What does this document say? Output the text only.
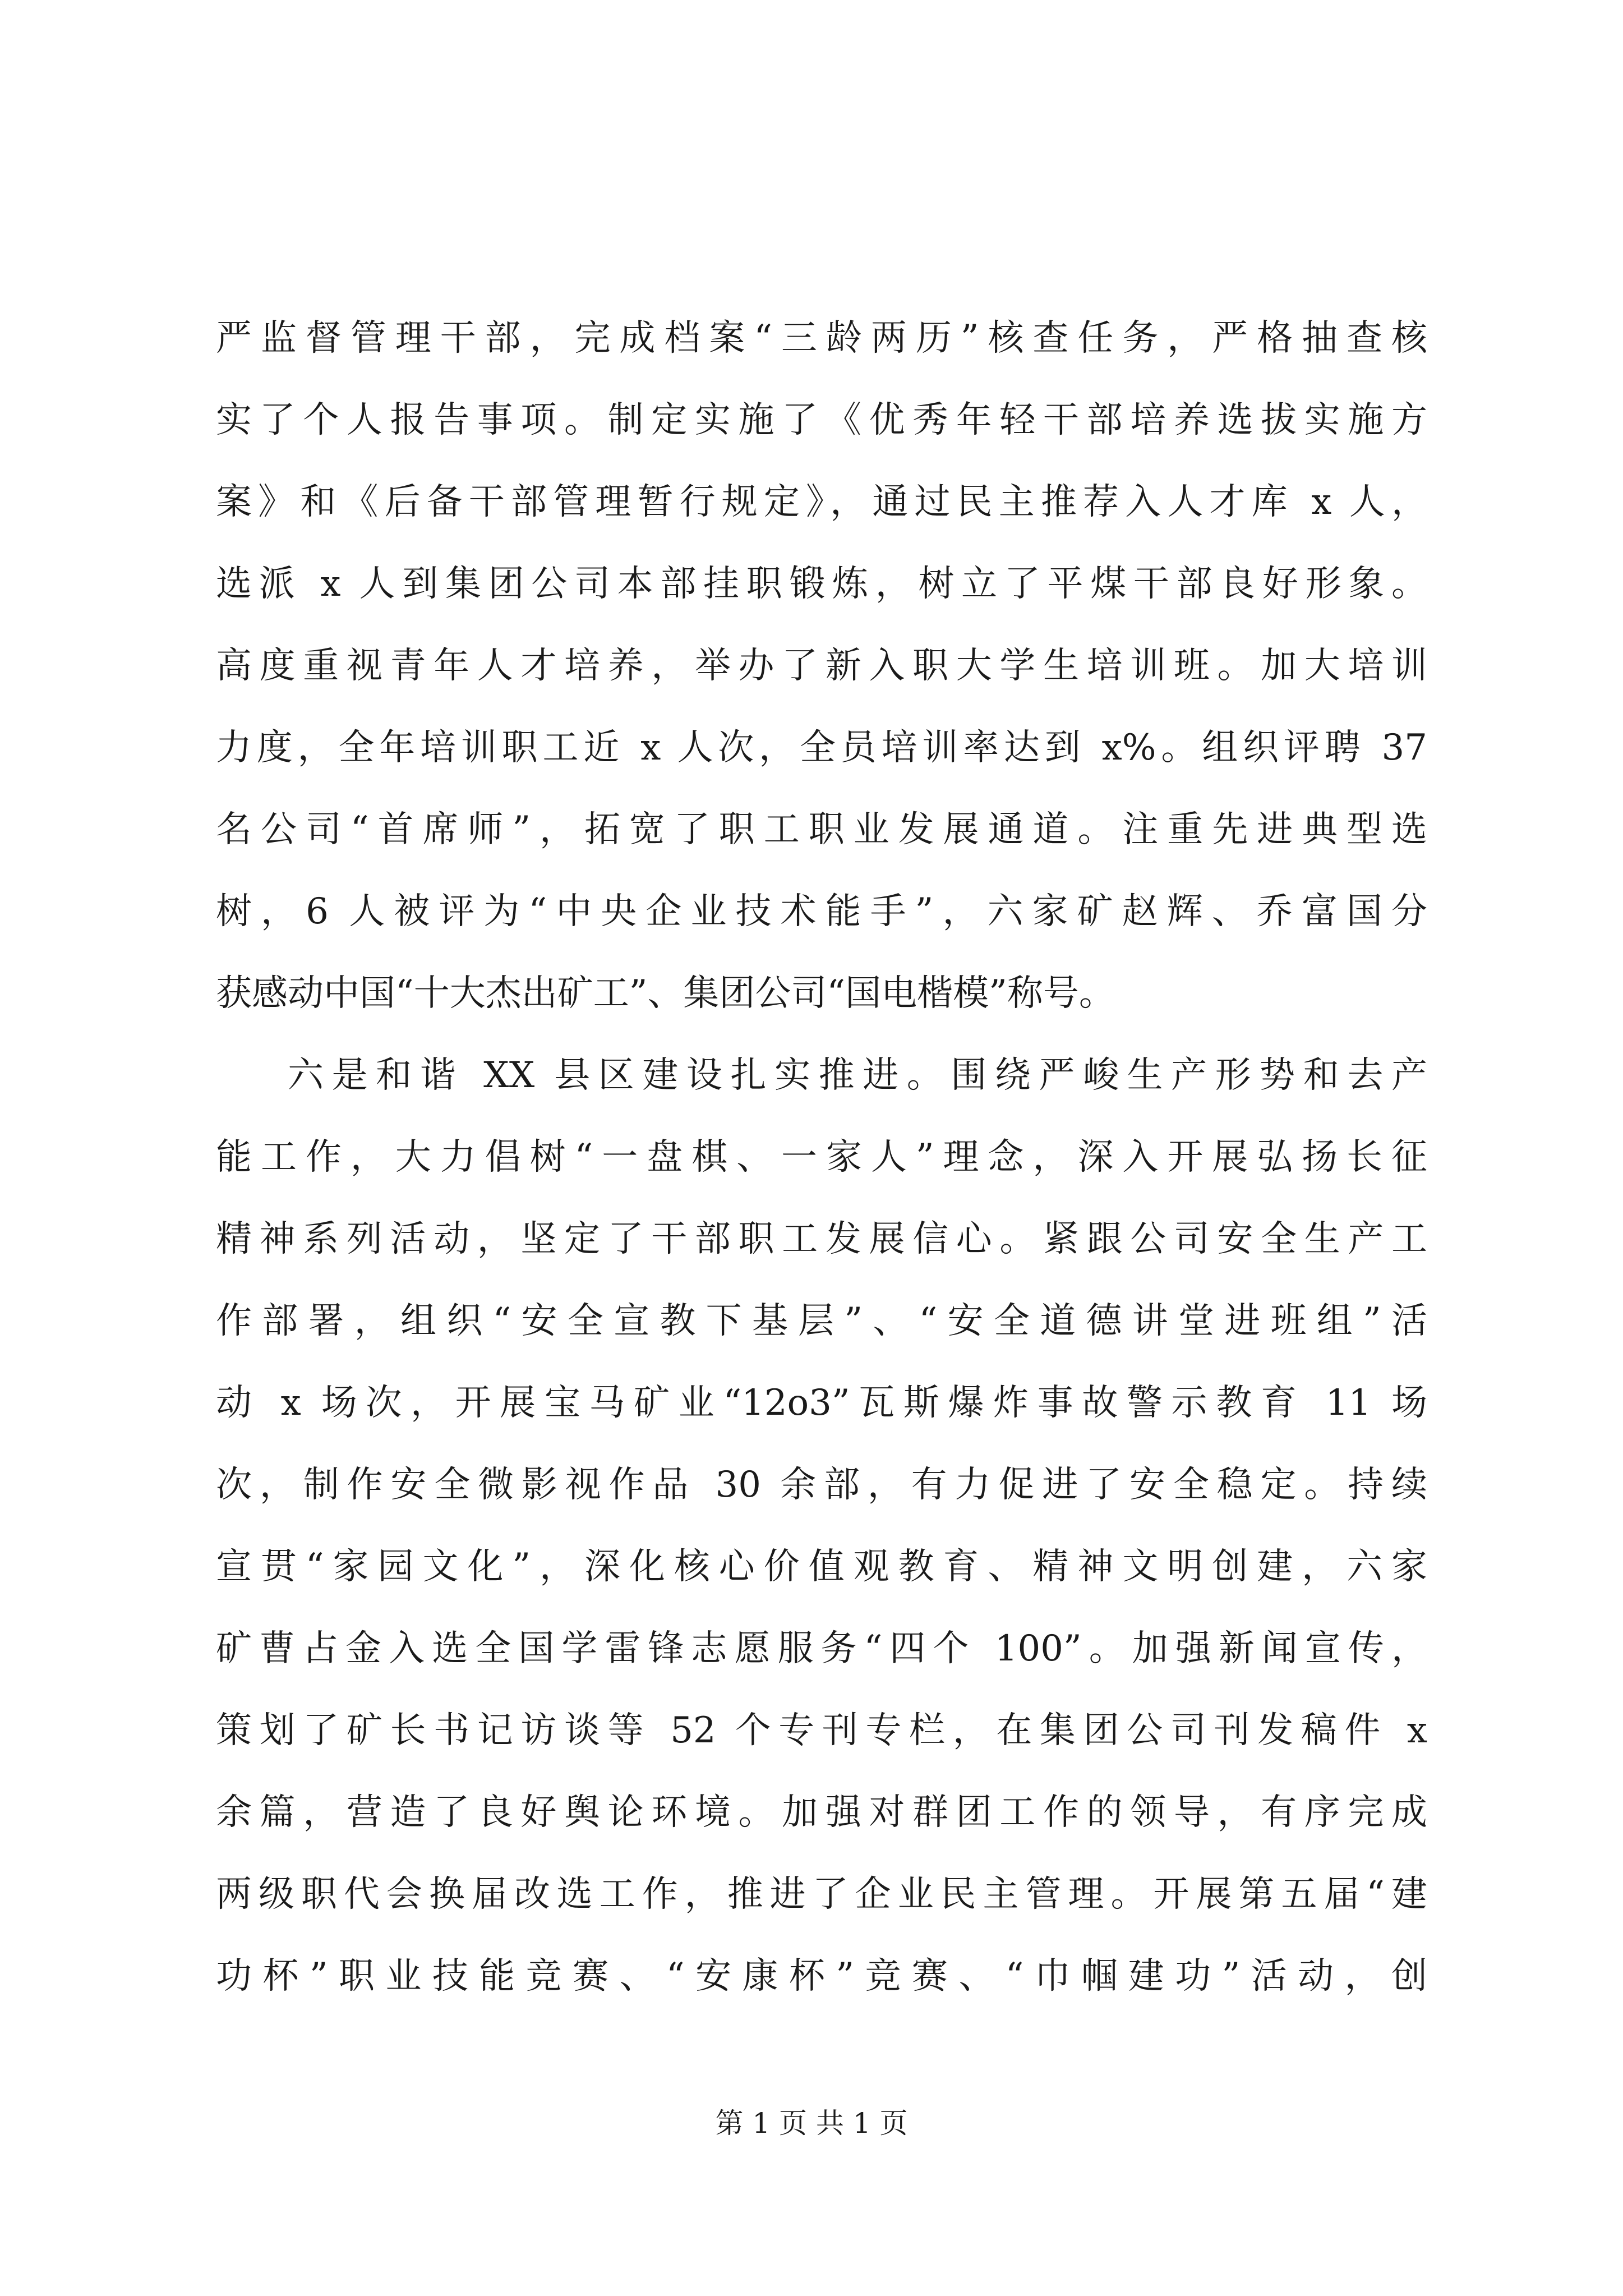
严监督管理干部，完成档案“三龄两历”核查任务，严格抽查核
实了个人报告事项。制定实施了《优秀年轻干部培养选拔实施方
案》和《后备干部管理暂行规定》，通过民主推荐入人才库 x 人，
选派 x 人到集团公司本部挂职锻炼，树立了平煤干部良好形象。
高度重视青年人才培养，举办了新入职大学生培训班。加大培训
力度，全年培训职工近 x 人次，全员培训率达到 x%。组织评聘 37
名公司“首席师”，拓宽了职工职业发展通道。注重先进典型选
树，6 人被评为“中央企业技术能手”，六家矿赵辉、乔富国分
获感动中国“十大杰出矿工”、集团公司“国电楷模”称号。
六是和谐 XX 县区建设扎实推进。围绕严峻生产形势和去产
能工作，大力倡树“一盘棋、一家人”理念，深入开展弘扬长征
精神系列活动，坚定了干部职工发展信心。紧跟公司安全生产工
作部署，组织“安全宣教下基层”、“安全道德讲堂进班组”活
动 x 场次，开展宝马矿业“12o3”瓦斯爆炸事故警示教育 11 场
次，制作安全微影视作品 30 余部，有力促进了安全稳定。持续
宣贯“家园文化”，深化核心价值观教育、精神文明创建，六家
矿曹占金入选全国学雷锋志愿服务“四个 100”。加强新闻宣传，
策划了矿长书记访谈等 52 个专刊专栏，在集团公司刊发稿件 x
余篇，营造了良好舆论环境。加强对群团工作的领导，有序完成
两级职代会换届改选工作，推进了企业民主管理。开展第五届“建
功杯”职业技能竞赛、“安康杯”竞赛、“巾帼建功”活动，创
第 1 页 共 1 页
